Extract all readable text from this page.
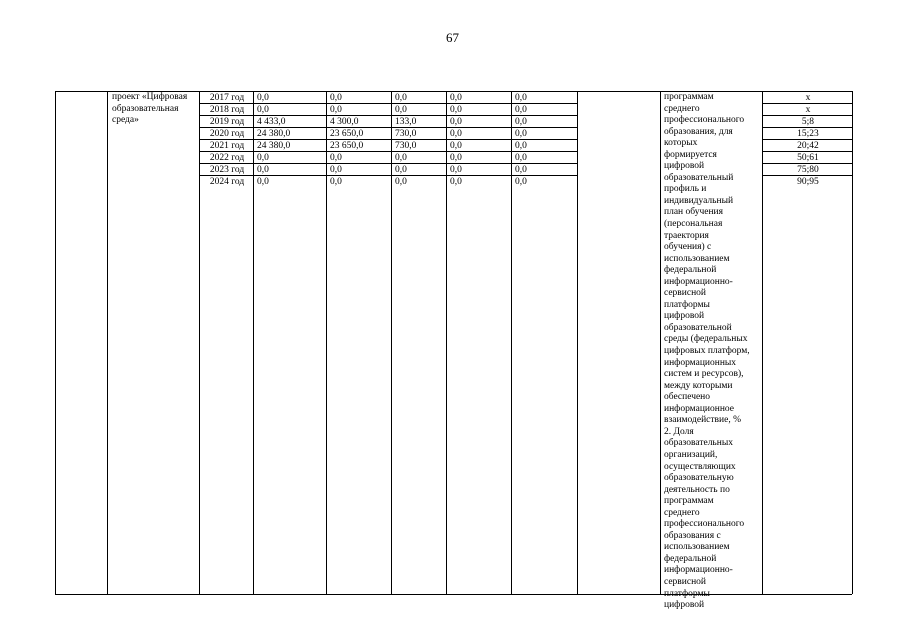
67
проект «Цифровая
образовательная
среда»
2017 год
2018 год
2019 год
2020 год
2021 год
2022 год
2023 год
2024 год
0,0
0,0
4 433,0
24 380,0
24 380,0
0,0
0,0
0,0
0,0
0,0
4 300,0
23 650,0
23 650,0
0,0
0,0
0,0
0,0
0,0
133,0
730,0
730,0
0,0
0,0
0,0
0,0
0,0
0,0
0,0
0,0
0,0
0,0
0,0
0,0
0,0
0,0
0,0
0,0
0,0
0,0
0,0
программам
среднего
профессионального
образования, для
которых
формируется
цифровой
образовательный
профиль и
индивидуальный
план обучения
(персональная
траектория
обучения) с
использованием
федеральной
информационно-
сервисной
платформы
цифровой
образовательной
среды (федеральных
цифровых платформ,
информационных
систем и ресурсов),
между которыми
обеспечено
информационное
взаимодействие, %
2. Доля
образовательных
организаций,
осуществляющих
образовательную
деятельность по
программам
среднего
профессионального
образования с
использованием
федеральной
информационно-
сервисной
платформы
цифровой
x
x
5;8
15;23
20;42
50;61
75;80
90;95
